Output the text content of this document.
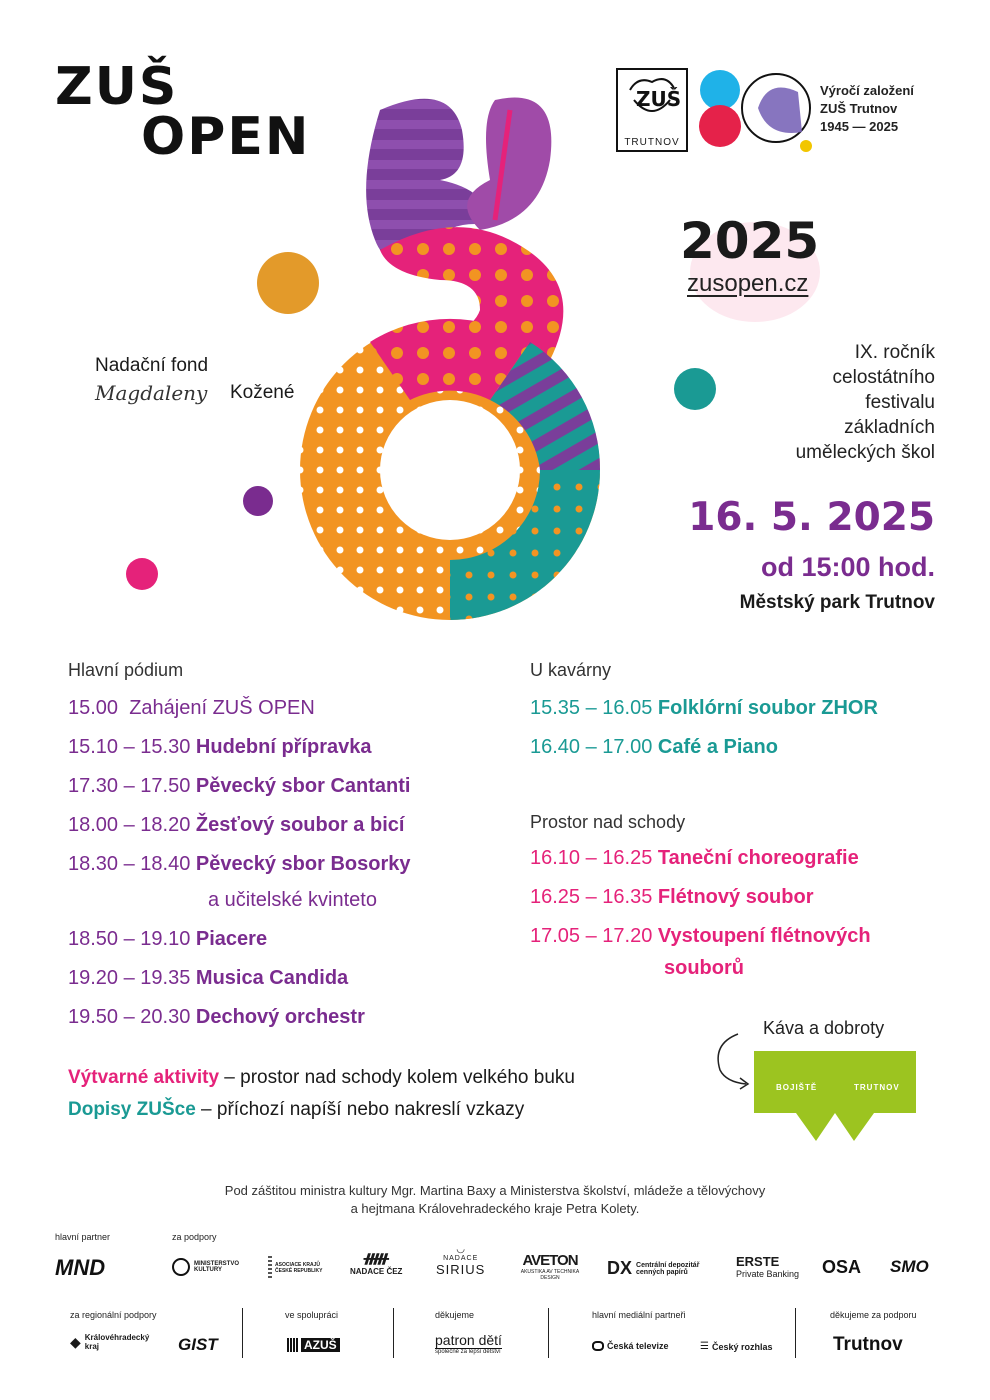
ZUŠ
OPEN
ZUŠ
TRUTNOV
Výročí založení
ZUŠ Trutnov
1945 — 2025
Nadační fond
Magdaleny	Kožené
2025
zusopen.cz
IX. ročník
celostátního
festivalu
základních
uměleckých škol
16. 5. 2025
od 15:00 hod.
Městský park Trutnov
Hlavní pódium
15.00 Zahájení ZUŠ OPEN
15.10 – 15.30 Hudební přípravka
17.30 – 17.50 Pěvecký sbor Cantanti
18.00 – 18.20 Žesťový soubor a bicí
18.30 – 18.40 Pěvecký sbor Bosorky
a učitelské kvinteto
18.50 – 19.10 Piacere
19.20 – 19.35 Musica Candida
19.50 – 20.30 Dechový orchestr
U kavárny
15.35 – 16.05 Folklórní soubor ZHOR
16.40 – 17.00 Café a Piano
Prostor nad schody
16.10 – 16.25 Taneční choreografie
16.25 – 16.35 Flétnový soubor
17.05 – 17.20 Vystoupení flétnových
souborů
Výtvarné aktivity – prostor nad schody kolem velkého buku
Dopisy ZUŠce – příchozí napíší nebo nakreslí vzkazy
Káva a dobroty
BOJIŠTĚ	TRUTNOV
Pod záštitou ministra kultury Mgr. Martina Baxy a Ministerstva školství, mládeže a tělovýchovy
a hejtmana Královehradeckého kraje Petra Kolety.
hlavní partner	za podpory
MND	MINISTERSTVO KULTURY
ASOCIACE KRAJŮ ČESKÉ REPUBLIKY
ᚏ
NADACE ČEZ
◡
NADACE
SIRIUS
AVETON
AKUSTIKA AV TECHNIKA DESIGN	DX Centrální depozitář cenných papírů
ERSTE
Private Banking OSA SMO
za regionální podpory	ve spolupráci	děkujeme	hlavní mediální partneři	děkujeme za podporu
◆ Královéhradecký kraj	GIST	AZUŠ	patron dětí
společně za lepší dětství
Česká televize	☰ Český rozhlas	Trutnov
